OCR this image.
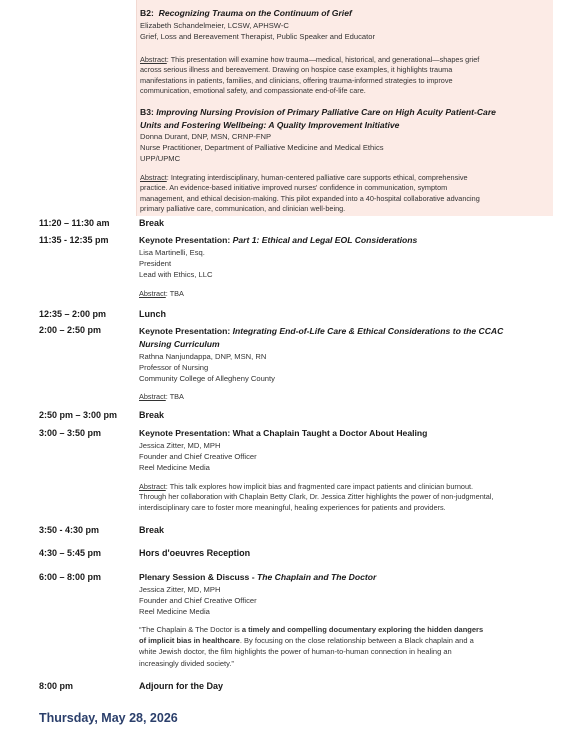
B2: Recognizing Trauma on the Continuum of Grief
Elizabeth Schandelmeier, LCSW, APHSW-C
Grief, Loss and Bereavement Therapist, Public Speaker and Educator
Abstract: This presentation will examine how trauma—medical, historical, and generational—shapes grief
across serious illness and bereavement. Drawing on hospice case examples, it highlights trauma
manifestations in patients, families, and clinicians, offering trauma-informed strategies to improve
communication, emotional safety, and compassionate end-of-life care.
B3: Improving Nursing Provision of Primary Palliative Care on High Acuity Patient-Care
Units and Fostering Wellbeing: A Quality Improvement Initiative
Donna Durant, DNP, MSN, CRNP-FNP
Nurse Practitioner, Department of Palliative Medicine and Medical Ethics
UPP/UPMC
Abstract: Integrating interdisciplinary, human-centered palliative care supports ethical, comprehensive
practice. An evidence-based initiative improved nurses' confidence in communication, symptom
management, and ethical decision-making. This pilot expanded into a 40-hospital collaborative advancing
primary palliative care, communication, and clinician well-being.
11:20 – 11:30 am	Break
11:35 - 12:35 pm	Keynote Presentation: Part 1: Ethical and Legal EOL Considerations
Lisa Martinelli, Esq.
President
Lead with Ethics, LLC
Abstract: TBA
12:35 – 2:00 pm	Lunch
2:00 – 2:50 pm	Keynote Presentation: Integrating End-of-Life Care & Ethical Considerations to the CCAC
Nursing Curriculum
Rathna Nanjundappa, DNP, MSN, RN
Professor of Nursing
Community College of Allegheny County
Abstract: TBA
2:50 pm – 3:00 pm Break
3:00 – 3:50 pm	Keynote Presentation: What a Chaplain Taught a Doctor About Healing
Jessica Zitter, MD, MPH
Founder and Chief Creative Officer
Reel Medicine Media
Abstract: This talk explores how implicit bias and fragmented care impact patients and clinician burnout.
Through her collaboration with Chaplain Betty Clark, Dr. Jessica Zitter highlights the power of non-judgmental,
interdisciplinary care to foster more meaningful, healing experiences for patients and providers.
3:50 - 4:30 pm	Break
4:30 – 5:45 pm	Hors d'oeuvres Reception
6:00 – 8:00 pm	Plenary Session & Discuss - The Chaplain and The Doctor
Jessica Zitter, MD, MPH
Founder and Chief Creative Officer
Reel Medicine Media
“The Chaplain & The Doctor is a timely and compelling documentary exploring the hidden dangers
of implicit bias in healthcare. By focusing on the close relationship between a Black chaplain and a
white Jewish doctor, the film highlights the power of human-to-human connection in healing an
increasingly divided society.”
8:00 pm	Adjourn for the Day
Thursday, May 28, 2026
